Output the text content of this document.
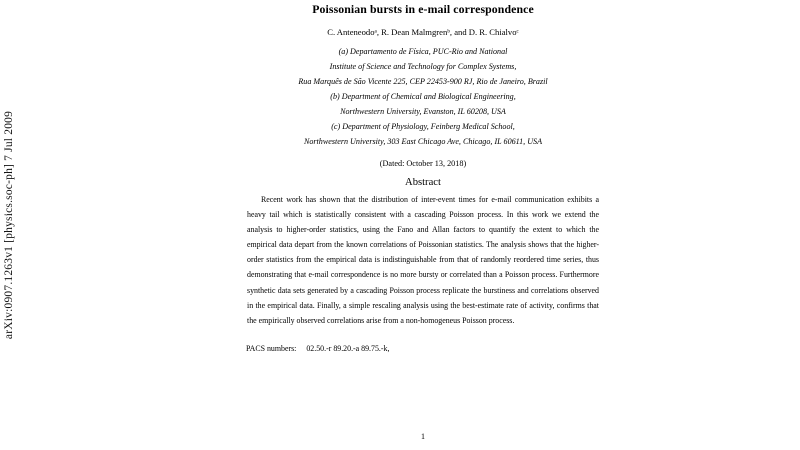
arXiv:0907.1263v1 [physics.soc-ph] 7 Jul 2009
Poissonian bursts in e-mail correspondence
C. Anteneodoᵃ, R. Dean Malmgrenᵇ, and D. R. Chialvoᶜ
(a) Departamento de Física, PUC-Rio and National
Institute of Science and Technology for Complex Systems,
Rua Marquês de São Vicente 225, CEP 22453-900 RJ, Rio de Janeiro, Brazil
(b) Department of Chemical and Biological Engineering,
Northwestern University, Evanston, IL 60208, USA
(c) Department of Physiology, Feinberg Medical School,
Northwestern University, 303 East Chicago Ave, Chicago, IL 60611, USA
(Dated: October 13, 2018)
Abstract
Recent work has shown that the distribution of inter-event times for e-mail communication exhibits a heavy tail which is statistically consistent with a cascading Poisson process. In this work we extend the analysis to higher-order statistics, using the Fano and Allan factors to quantify the extent to which the empirical data depart from the known correlations of Poissonian statistics. The analysis shows that the higher-order statistics from the empirical data is indistinguishable from that of randomly reordered time series, thus demonstrating that e-mail correspondence is no more bursty or correlated than a Poisson process. Furthermore synthetic data sets generated by a cascading Poisson process replicate the burstiness and correlations observed in the empirical data. Finally, a simple rescaling analysis using the best-estimate rate of activity, confirms that the empirically observed correlations arise from a non-homogeneus Poisson process.
PACS numbers: 02.50.-r 89.20.-a 89.75.-k,
1
